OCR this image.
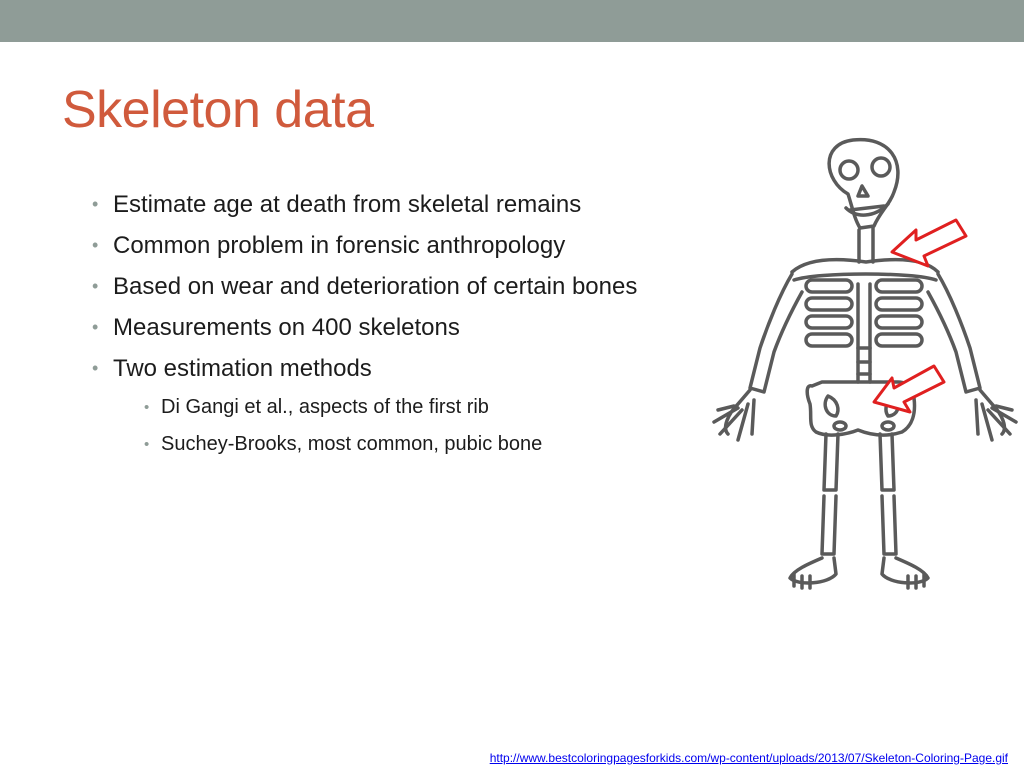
Skeleton data
• Estimate age at death from skeletal remains
• Common problem in forensic anthropology
• Based on wear and deterioration of certain bones
• Measurements on 400 skeletons
• Two estimation methods
• Di Gangi et al., aspects of the first rib
• Suchey-Brooks, most common, pubic bone
http://www.bestcoloringpagesforkids.com/wp-content/uploads/2013/07/Skeleton-Coloring-Page.gif
